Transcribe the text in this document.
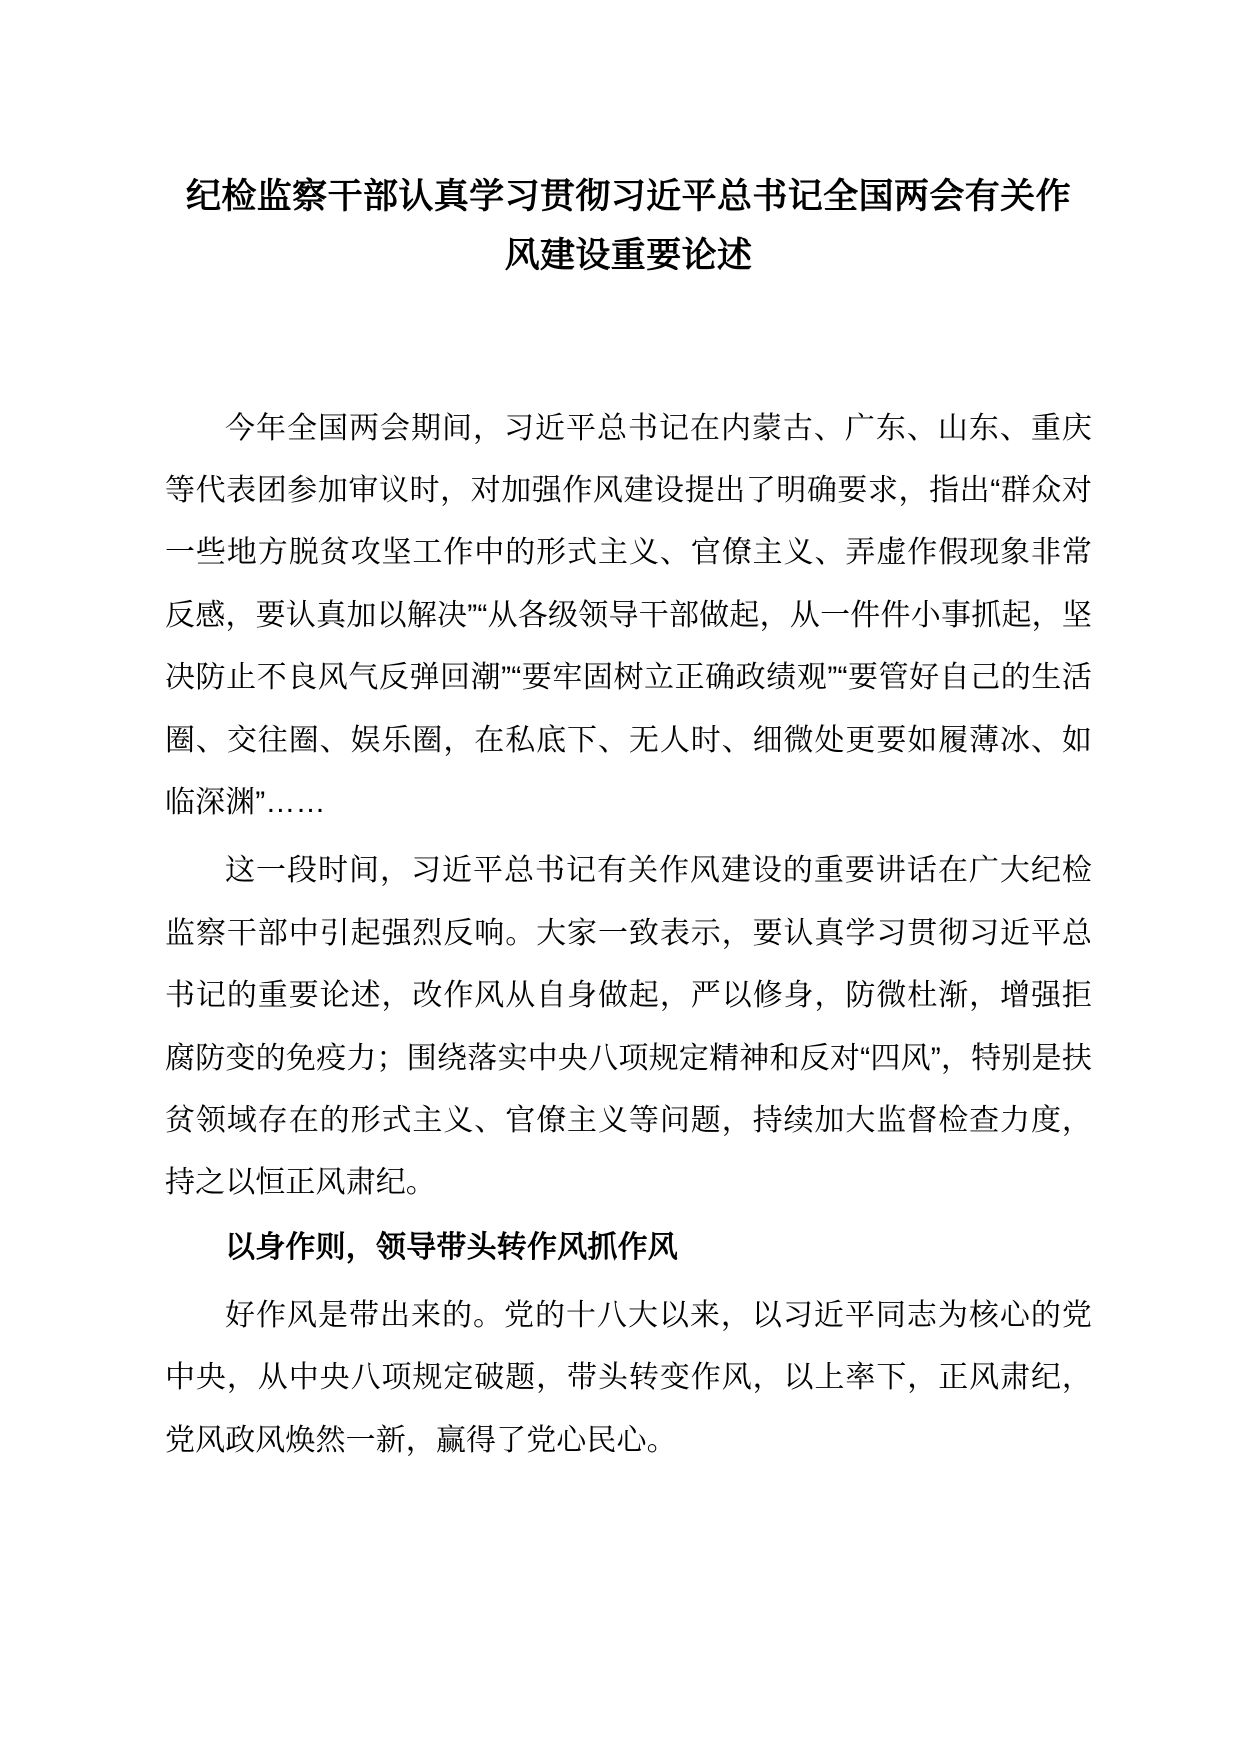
纪检监察干部认真学习贯彻习近平总书记全国两会有关作风建设重要论述

今年全国两会期间，习近平总书记在内蒙古、广东、山东、重庆等代表团参加审议时，对加强作风建设提出了明确要求，指出“群众对一些地方脱贫攻坚工作中的形式主义、官僚主义、弄虚作假现象非常反感，要认真加以解决”“从各级领导干部做起，从一件件小事抓起，坚决防止不良风气反弹回潮”“要牢固树立正确政绩观”“要管好自己的生活圈、交往圈、娱乐圈，在私底下、无人时、细微处更要如履薄冰、如临深渊”……

这一段时间，习近平总书记有关作风建设的重要讲话在广大纪检监察干部中引起强烈反响。大家一致表示，要认真学习贯彻习近平总书记的重要论述，改作风从自身做起，严以修身，防微杜渐，增强拒腐防变的免疫力；围绕落实中央八项规定精神和反对“四风”，特别是扶贫领域存在的形式主义、官僚主义等问题，持续加大监督检查力度，持之以恒正风肃纪。

以身作则，领导带头转作风抓作风

好作风是带出来的。党的十八大以来，以习近平同志为核心的党中央，从中央八项规定破题，带头转变作风，以上率下，正风肃纪，党风政风焕然一新，赢得了党心民心。
